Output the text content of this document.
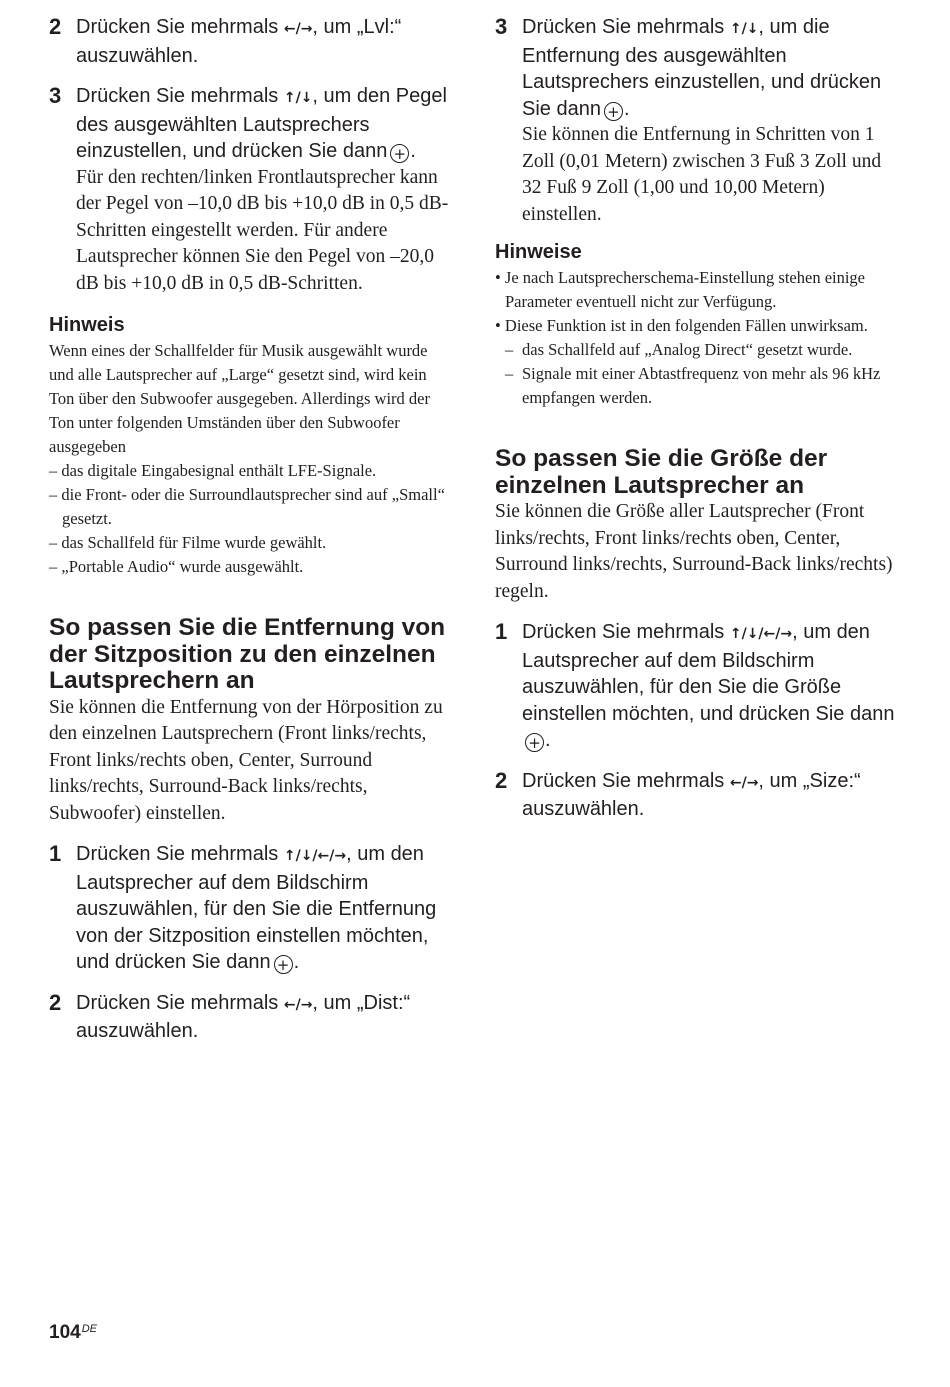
2 Drücken Sie mehrmals ←/→, um „Lvl:“ auszuwählen.
3 Drücken Sie mehrmals ↑/↓, um den Pegel des ausgewählten Lautsprechers einzustellen, und drücken Sie dann + .

Für den rechten/linken Frontlautsprecher kann der Pegel von –10,0 dB bis +10,0 dB in 0,5 dB-Schritten eingestellt werden. Für andere Lautsprecher können Sie den Pegel von –20,0 dB bis +10,0 dB in 0,5 dB-Schritten.

Hinweis

Wenn eines der Schallfelder für Musik ausgewählt wurde und alle Lautsprecher auf „Large“ gesetzt sind, wird kein Ton über den Subwoofer ausgegeben. Allerdings wird der Ton unter folgenden Umständen über den Subwoofer ausgegeben

– das digitale Eingabesignal enthält LFE-Signale.

– die Front- oder die Surroundlautsprecher sind auf „Small“ gesetzt.

– das Schallfeld für Filme wurde gewählt.

– „Portable Audio“ wurde ausgewählt.

So passen Sie die Entfernung von der Sitzposition zu den einzelnen Lautsprechern an

Sie können die Entfernung von der Hörposition zu den einzelnen Lautsprechern (Front links/rechts, Front links/rechts oben, Center, Surround links/rechts, Surround-Back links/rechts, Subwoofer) einstellen.

1 Drücken Sie mehrmals ↑/↓/←/→, um den Lautsprecher auf dem Bildschirm auszuwählen, für den Sie die Entfernung von der Sitzposition einstellen möchten, und drücken Sie dann + .
2 Drücken Sie mehrmals ←/→, um „Dist:“ auszuwählen.
3 Drücken Sie mehrmals ↑/↓, um die Entfernung des ausgewählten Lautsprechers einzustellen, und drücken Sie dann + .

Sie können die Entfernung in Schritten von 1 Zoll (0,01 Metern) zwischen 3 Fuß 3 Zoll und 32 Fuß 9 Zoll (1,00 und 10,00 Metern) einstellen.

Hinweise

• Je nach Lautsprecherschema-Einstellung stehen einige Parameter eventuell nicht zur Verfügung.

• Diese Funktion ist in den folgenden Fällen unwirksam.

– das Schallfeld auf „Analog Direct“ gesetzt wurde.

– Signale mit einer Abtastfrequenz von mehr als 96 kHz empfangen werden.

So passen Sie die Größe der einzelnen Lautsprecher an

Sie können die Größe aller Lautsprecher (Front links/rechts, Front links/rechts oben, Center, Surround links/rechts, Surround-Back links/rechts) regeln.

1 Drücken Sie mehrmals ↑/↓/←/→, um den Lautsprecher auf dem Bildschirm auszuwählen, für den Sie die Größe einstellen möchten, und drücken Sie dann+ .
2 Drücken Sie mehrmals ←/→, um „Size:“ auszuwählen.
104DE
